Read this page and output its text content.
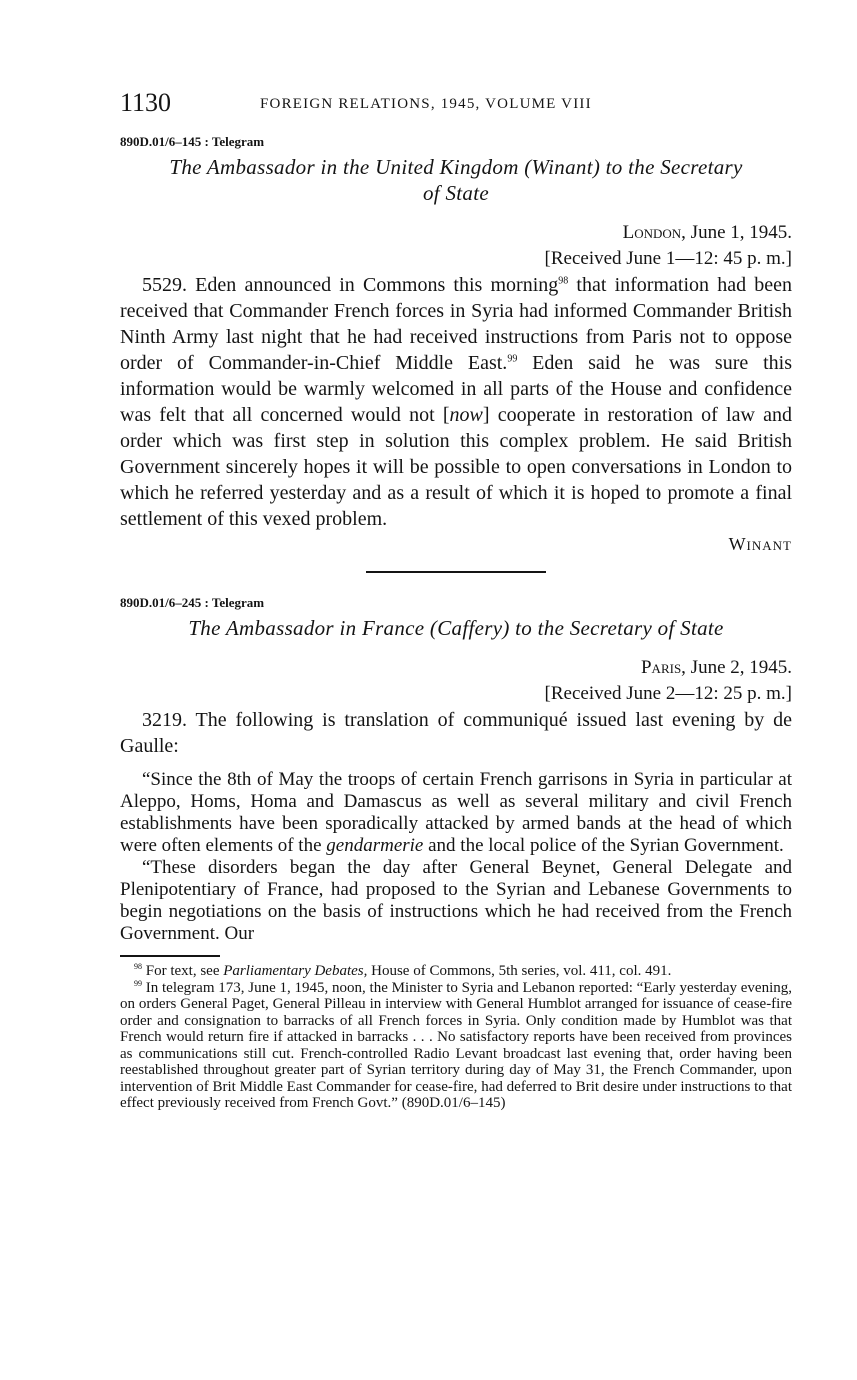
1130	FOREIGN RELATIONS, 1945, VOLUME VIII
890D.01/6–145 : Telegram
The Ambassador in the United Kingdom (Winant) to the Secretary
of State
London, June 1, 1945.
[Received June 1—12: 45 p. m.]

5529. Eden announced in Commons this morning$^{98}$ that information had been received that Commander French forces in Syria had informed Commander British Ninth Army last night that he had received instructions from Paris not to oppose order of Commander-in-Chief Middle East.$^{99}$ Eden said he was sure this information would be warmly welcomed in all parts of the House and confidence was felt that all concerned would not [now] cooperate in restoration of law and order which was first step in solution this complex problem. He said British Government sincerely hopes it will be possible to open conversations in London to which he referred yesterday and as a result of which it is hoped to promote a final settlement of this vexed problem.

Winant
890D.01/6–245 : Telegram
The Ambassador in France (Caffery) to the Secretary of State
Paris, June 2, 1945.
[Received June 2—12: 25 p. m.]

3219. The following is translation of communiqué issued last evening by de Gaulle:

“Since the 8th of May the troops of certain French garrisons in Syria in particular at Aleppo, Homs, Homa and Damascus as well as several military and civil French establishments have been sporadically attacked by armed bands at the head of which were often elements of the gendarmerie and the local police of the Syrian Government.

“These disorders began the day after General Beynet, General Delegate and Plenipotentiary of France, had proposed to the Syrian and Lebanese Governments to begin negotiations on the basis of instructions which he had received from the French Government. Our

$^{98}$ For text, see Parliamentary Debates, House of Commons, 5th series, vol. 411, col. 491.

$^{99}$ In telegram 173, June 1, 1945, noon, the Minister to Syria and Lebanon reported: “Early yesterday evening, on orders General Paget, General Pilleau in interview with General Humblot arranged for issuance of cease-fire order and consignation to barracks of all French forces in Syria. Only condition made by Humblot was that French would return fire if attacked in barracks . . . No satisfactory reports have been received from provinces as communications still cut. French-controlled Radio Levant broadcast last evening that, order having been reestablished throughout greater part of Syrian territory during day of May 31, the French Commander, upon intervention of Brit Middle East Commander for cease-fire, had deferred to Brit desire under instructions to that effect previously received from French Govt.” (890D.01/6–145)
